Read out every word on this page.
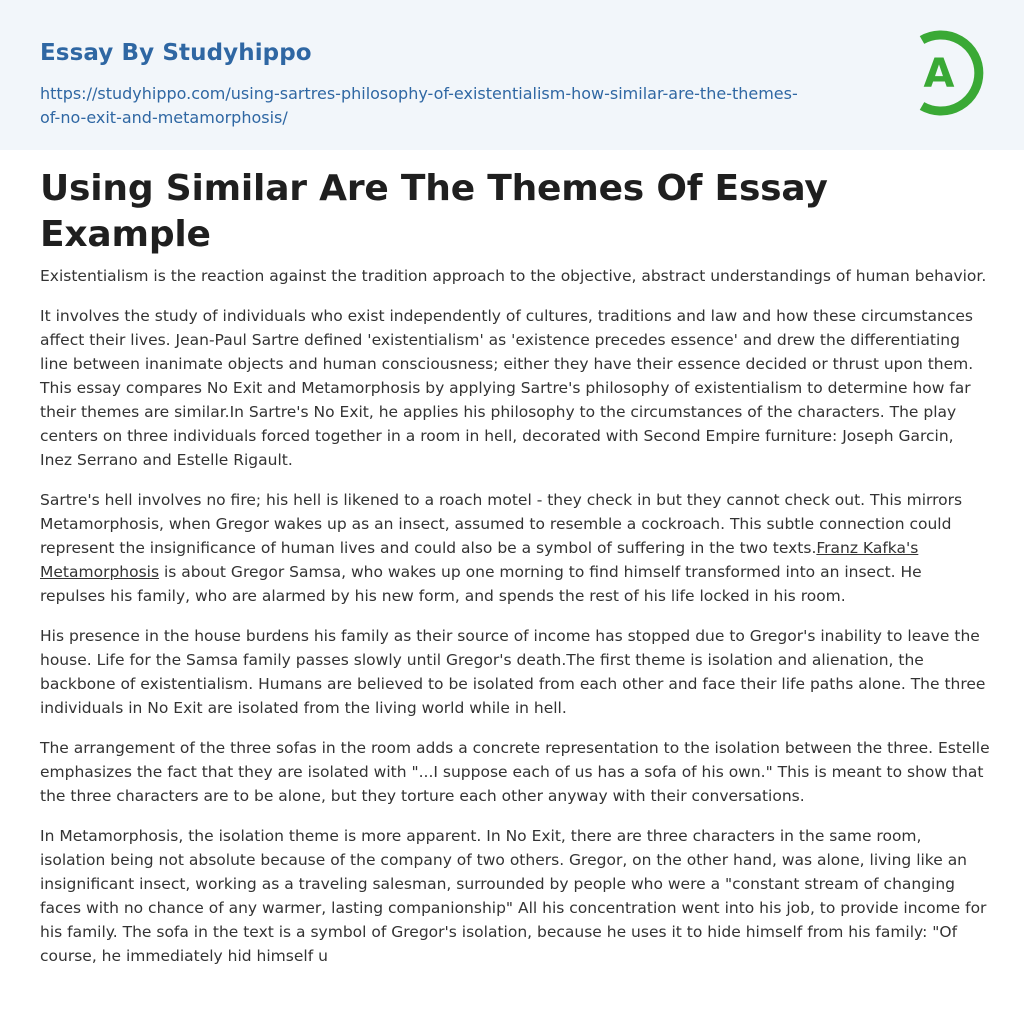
Essay By Studyhippo
https://studyhippo.com/using-sartres-philosophy-of-existentialism-how-similar-are-the-themes-of-no-exit-and-metamorphosis/
A
Using Similar Are The Themes Of Essay Example

Existentialism is the reaction against the tradition approach to the objective, abstract understandings of human behavior.

It involves the study of individuals who exist independently of cultures, traditions and law and how these circumstances affect their lives. Jean-Paul Sartre defined 'existentialism' as 'existence precedes essence' and drew the differentiating line between inanimate objects and human consciousness; either they have their essence decided or thrust upon them. This essay compares No Exit and Metamorphosis by applying Sartre's philosophy of existentialism to determine how far their themes are similar.In Sartre's No Exit, he applies his philosophy to the circumstances of the characters. The play centers on three individuals forced together in a room in hell, decorated with Second Empire furniture: Joseph Garcin, Inez Serrano and Estelle Rigault.

Sartre's hell involves no fire; his hell is likened to a roach motel - they check in but they cannot check out. This mirrors Metamorphosis, when Gregor wakes up as an insect, assumed to resemble a cockroach. This subtle connection could represent the insignificance of human lives and could also be a symbol of suffering in the two texts.Franz Kafka's Metamorphosis is about Gregor Samsa, who wakes up one morning to find himself transformed into an insect. He repulses his family, who are alarmed by his new form, and spends the rest of his life locked in his room.

His presence in the house burdens his family as their source of income has stopped due to Gregor's inability to leave the house. Life for the Samsa family passes slowly until Gregor's death.The first theme is isolation and alienation, the backbone of existentialism. Humans are believed to be isolated from each other and face their life paths alone. The three individuals in No Exit are isolated from the living world while in hell.

The arrangement of the three sofas in the room adds a concrete representation to the isolation between the three. Estelle emphasizes the fact that they are isolated with "...I suppose each of us has a sofa of his own." This is meant to show that the three characters are to be alone, but they torture each other anyway with their conversations.

In Metamorphosis, the isolation theme is more apparent. In No Exit, there are three characters in the same room, isolation being not absolute because of the company of two others. Gregor, on the other hand, was alone, living like an insignificant insect, working as a traveling salesman, surrounded by people who were a "constant stream of changing faces with no chance of any warmer, lasting companionship" All his concentration went into his job, to provide income for his family. The sofa in the text is a symbol of Gregor's isolation, because he uses it to hide himself from his family: "Of course, he immediately hid himself u
